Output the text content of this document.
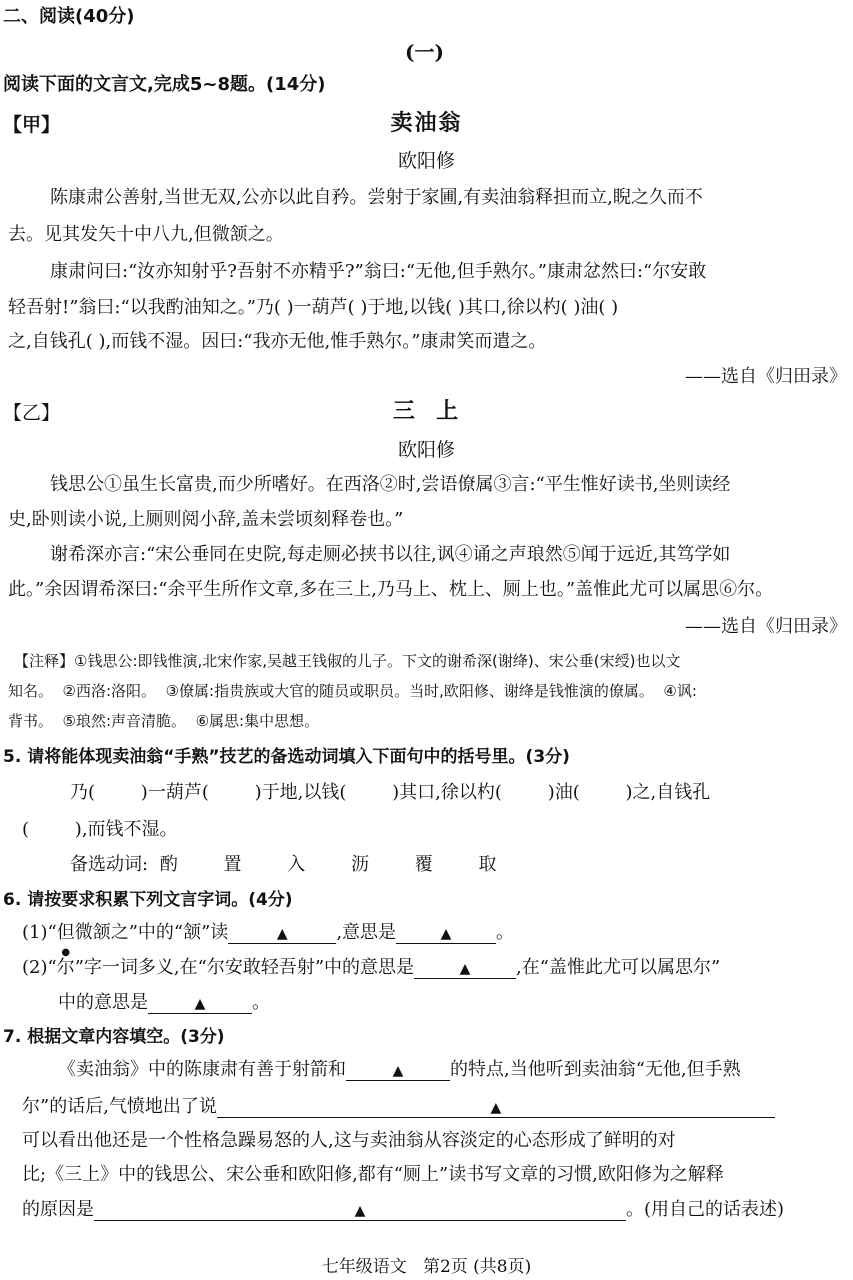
二、阅读(40分)
(一)
阅读下面的文言文,完成5~8题。(14分)
【甲】	卖油翁
欧阳修
陈康肃公善射,当世无双,公亦以此自矜。尝射于家圃,有卖油翁释担而立,睨之久而不
去。见其发矢十中八九,但微颔之。
康肃问曰:“汝亦知射乎?吾射不亦精乎?”翁曰:“无他,但手熟尔。”康肃忿然曰:“尔安敢
轻吾射!”翁曰:“以我酌油知之。”乃( )一葫芦( )于地,以钱( )其口,徐以杓( )油( )
之,自钱孔( ),而钱不湿。因曰:“我亦无他,惟手熟尔。”康肃笑而遣之。
——选自《归田录》
【乙】	三  上
欧阳修
钱思公①虽生长富贵,而少所嗜好。在西洛②时,尝语僚属③言:“平生惟好读书,坐则读经
史,卧则读小说,上厕则阅小辞,盖未尝顷刻释卷也。”
谢希深亦言:“宋公垂同在史院,每走厕必挟书以往,讽④诵之声琅然⑤闻于远近,其笃学如
此。”余因谓希深曰:“余平生所作文章,多在三上,乃马上、枕上、厕上也。”盖惟此尤可以属思⑥尔。
——选自《归田录》
【注释】①钱思公:即钱惟演,北宋作家,吴越王钱俶的儿子。下文的谢希深(谢绛)、宋公垂(宋绶)也以文
知名。  ②西洛:洛阳。  ③僚属:指贵族或大官的随员或职员。当时,欧阳修、谢绛是钱惟演的僚属。  ④讽:
背书。  ⑤琅然:声音清脆。  ⑥属思:集中思想。
5. 请将能体现卖油翁“手熟”技艺的备选动词填入下面句中的括号里。(3分)
乃(        )一葫芦(        )于地,以钱(        )其口,徐以杓(        )油(        )之,自钱孔
(        ),而钱不湿。
备选动词: 酌	置	入	沥	覆	取
6. 请按要求积累下列文言字词。(4分)
(1)“但微颔之”中的“颔”读	▲	,意思是	▲ 。
(2)“
●
尔”字一词多义,在“尔安敢轻吾射”中的意思是	▲	,在“盖惟此尤可以属思尔”
中的意思是	▲	。
7. 根据文章内容填空。(3分)
《卖油翁》中的陈康肃有善于射箭和	▲	的特点,当他听到卖油翁“无他,但手熟
尔”的话后,气愤地出了说	▲
可以看出他还是一个性格急躁易怒的人,这与卖油翁从容淡定的心态形成了鲜明的对
比;《三上》中的钱思公、宋公垂和欧阳修,都有“厕上”读书写文章的习惯,欧阳修为之解释
的原因是	▲	。(用自己的话表述)
七年级语文   第2页 (共8页)
